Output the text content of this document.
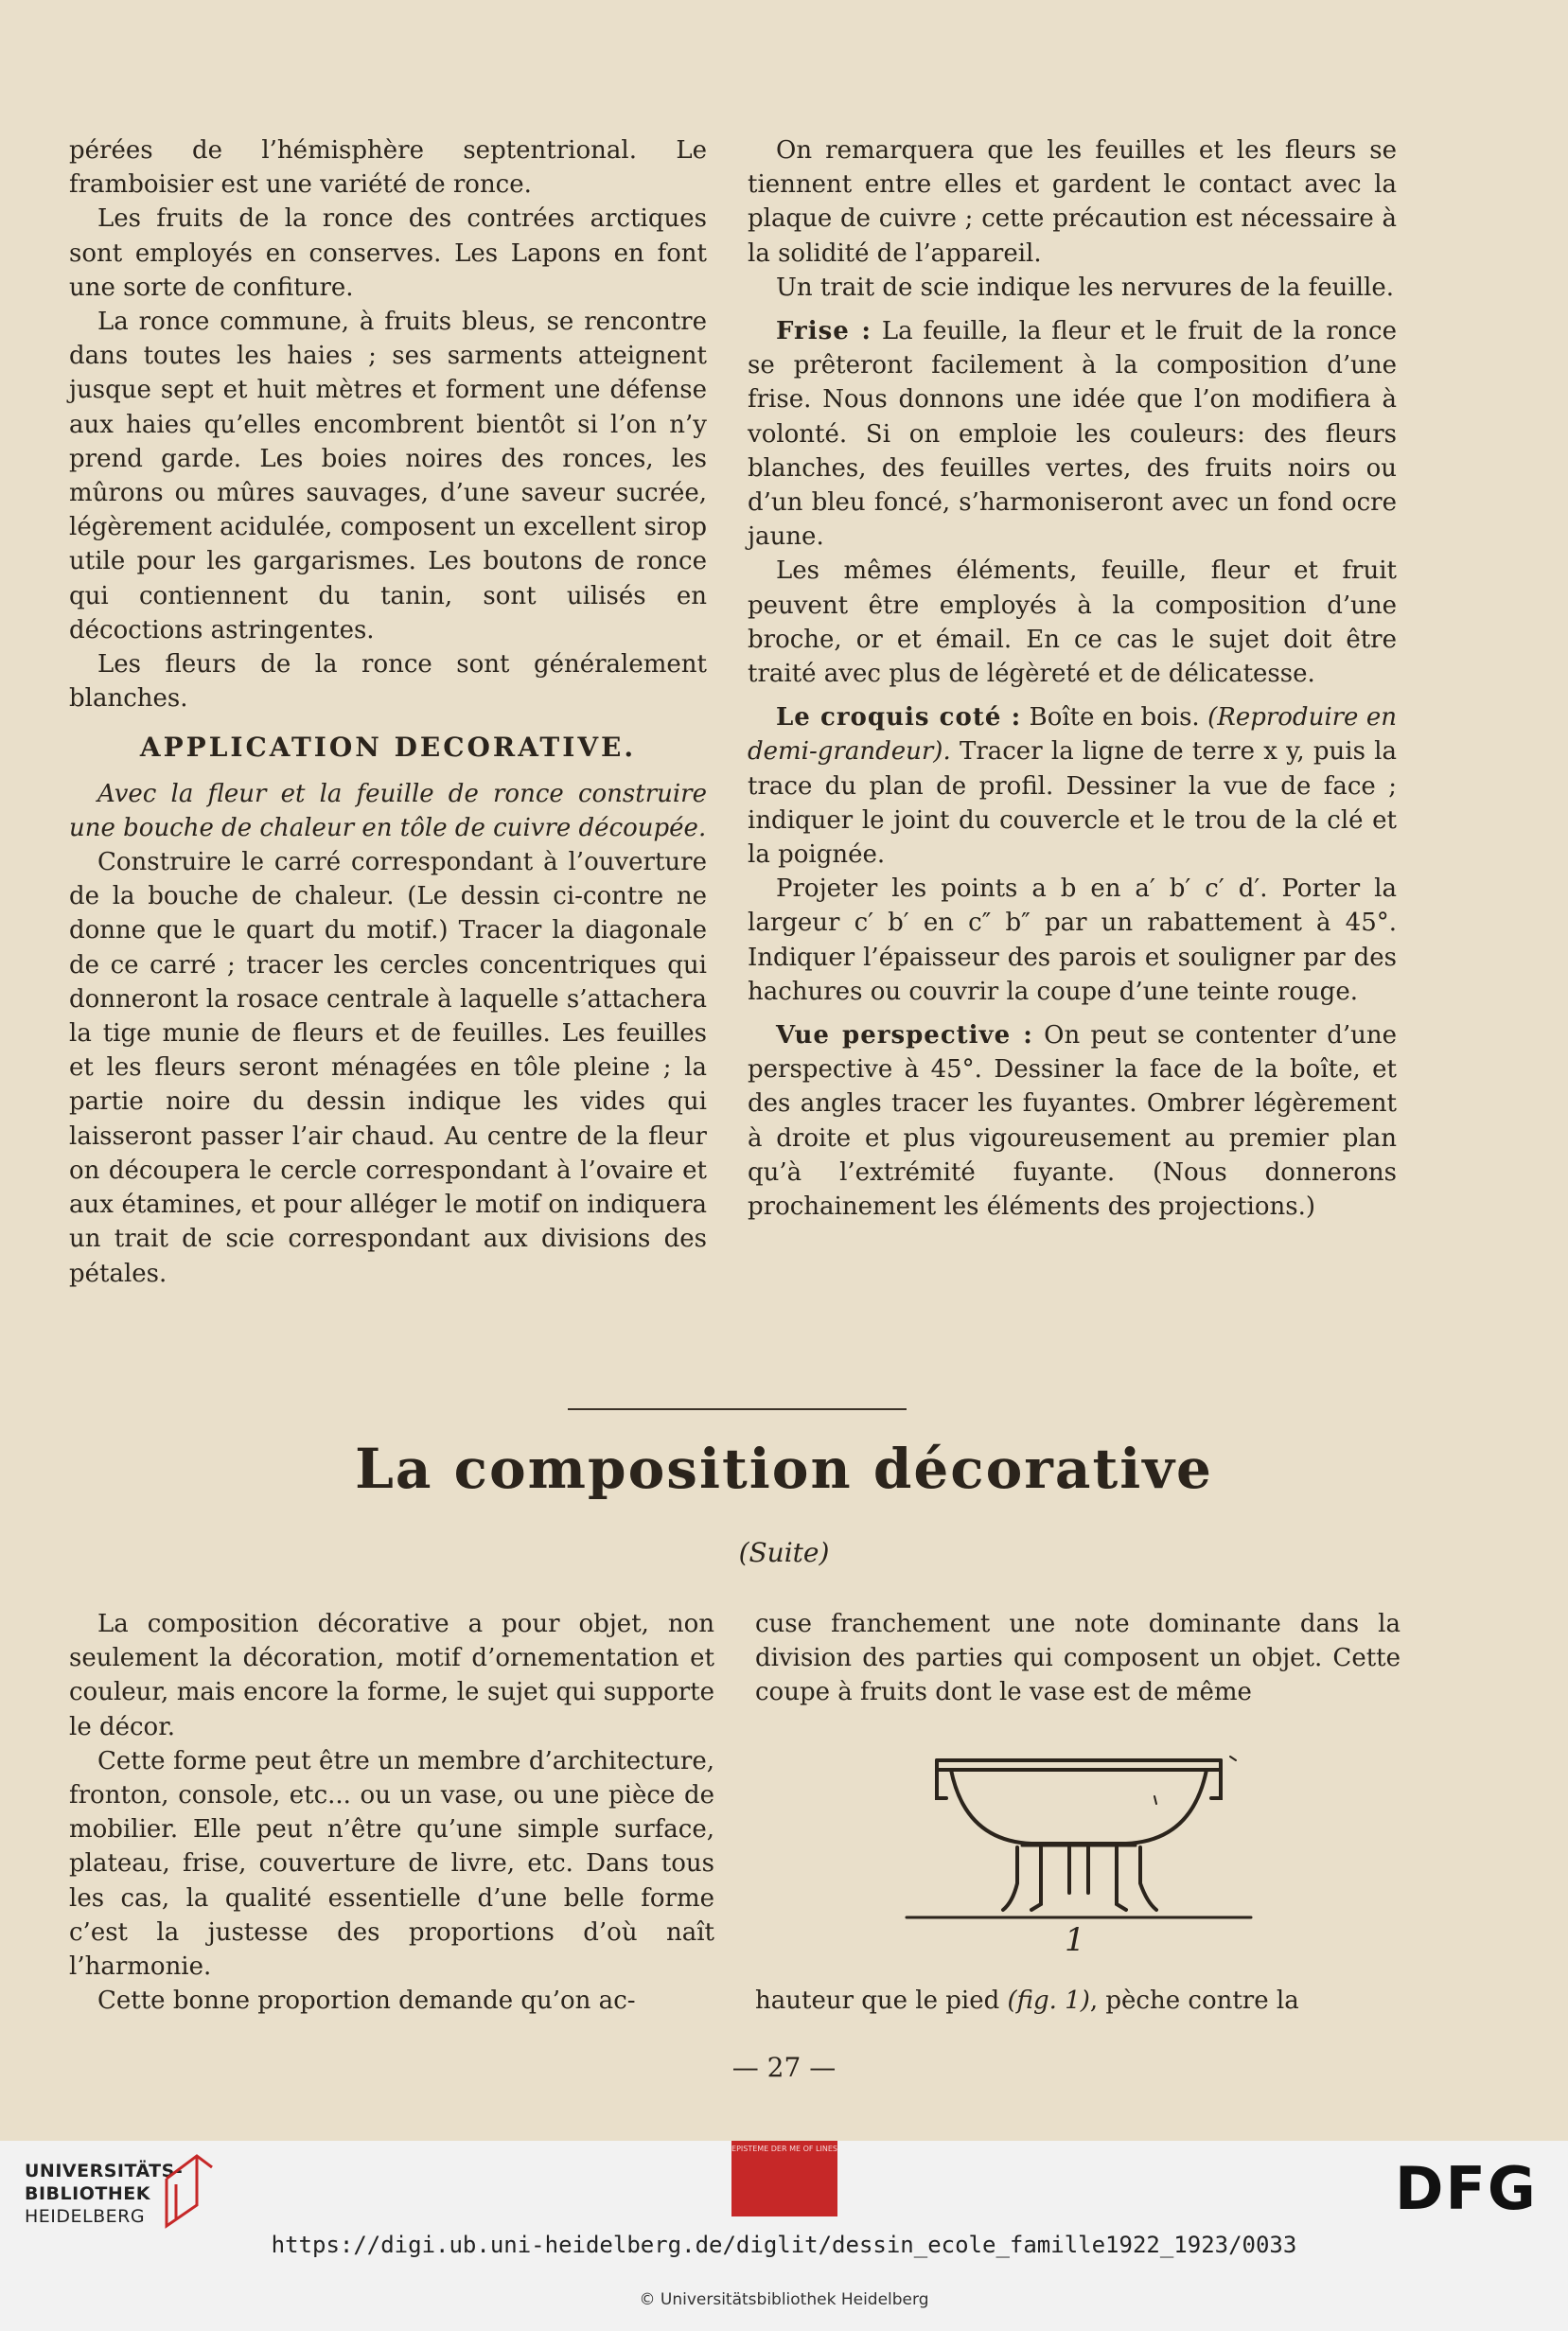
pérées de l’hémisphère septentrional. Le framboisier est une variété de ronce.

Les fruits de la ronce des contrées arctiques sont employés en conserves. Les Lapons en font une sorte de confiture.

La ronce commune, à fruits bleus, se rencontre dans toutes les haies ; ses sarments atteignent jusque sept et huit mètres et forment une défense aux haies qu’elles encombrent bientôt si l’on n’y prend garde. Les boies noires des ronces, les mûrons ou mûres sauvages, d’une saveur sucrée, légèrement acidulée, composent un excellent sirop utile pour les gargarismes. Les boutons de ronce qui contiennent du tanin, sont uilisés en décoctions astringentes.

Les fleurs de la ronce sont généralement blanches.

APPLICATION DECORATIVE.

Avec la fleur et la feuille de ronce construire une bouche de chaleur en tôle de cuivre découpée.

Construire le carré correspondant à l’ouverture de la bouche de chaleur. (Le dessin ci-contre ne donne que le quart du motif.) Tracer la diagonale de ce carré ; tracer les cercles concentriques qui donneront la rosace centrale à laquelle s’attachera la tige munie de fleurs et de feuilles. Les feuilles et les fleurs seront ménagées en tôle pleine ; la partie noire du dessin indique les vides qui laisseront passer l’air chaud. Au centre de la fleur on découpera le cercle correspondant à l’ovaire et aux étamines, et pour alléger le motif on indiquera un trait de scie correspondant aux divisions des pétales.

On remarquera que les feuilles et les fleurs se tiennent entre elles et gardent le contact avec la plaque de cuivre ; cette précaution est nécessaire à la solidité de l’appareil.

Un trait de scie indique les nervures de la feuille.

Frise : La feuille, la fleur et le fruit de la ronce se prêteront facilement à la composition d’une frise. Nous donnons une idée que l’on modifiera à volonté. Si on emploie les couleurs: des fleurs blanches, des feuilles vertes, des fruits noirs ou d’un bleu foncé, s’harmoniseront avec un fond ocre jaune.

Les mêmes éléments, feuille, fleur et fruit peuvent être employés à la composition d’une broche, or et émail. En ce cas le sujet doit être traité avec plus de légèreté et de délicatesse.

Le croquis coté : Boîte en bois. (Reproduire en demi-grandeur). Tracer la ligne de terre x y, puis la trace du plan de profil. Dessiner la vue de face ; indiquer le joint du couvercle et le trou de la clé et la poignée.

Projeter les points a b en a′ b′ c′ d′. Porter la largeur c′ b′ en c″ b″ par un rabattement à 45°. Indiquer l’épaisseur des parois et souligner par des hachures ou couvrir la coupe d’une teinte rouge.

Vue perspective : On peut se contenter d’une perspective à 45°. Dessiner la face de la boîte, et des angles tracer les fuyantes. Ombrer légèrement à droite et plus vigoureusement au premier plan qu’à l’extrémité fuyante. (Nous donnerons prochainement les éléments des projections.)

La composition décorative
(Suite)

La composition décorative a pour objet, non seulement la décoration, motif d’ornementation et couleur, mais encore la forme, le sujet qui supporte le décor.

Cette forme peut être un membre d’architecture, fronton, console, etc... ou un vase, ou une pièce de mobilier. Elle peut n’être qu’une simple surface, plateau, frise, couverture de livre, etc. Dans tous les cas, la qualité essentielle d’une belle forme c’est la justesse des proportions d’où naît l’harmonie.

Cette bonne proportion demande qu’on ac-

cuse franchement une note dominante dans la division des parties qui composent un objet. Cette coupe à fruits dont le vase est de même

1

hauteur que le pied (fig. 1), pèche contre la

— 27 —
UNIVERSITÄTS-
BIBLIOTHEK
HEIDELBERG
EPISTEME DER ME OF LINES
DFG
https://digi.ub.uni-heidelberg.de/diglit/dessin_ecole_famille1922_1923/0033
© Universitätsbibliothek Heidelberg
